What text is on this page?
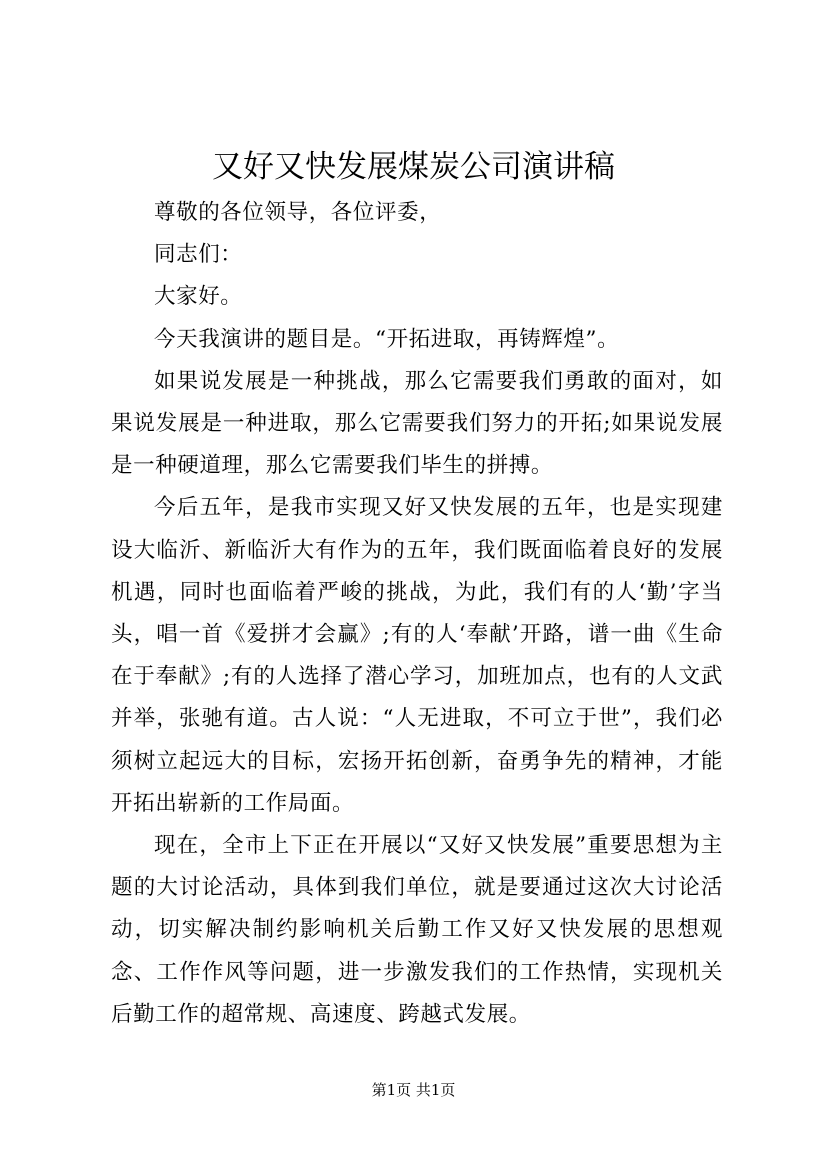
又好又快发展煤炭公司演讲稿

尊敬的各位领导，各位评委，

同志们：

大家好。

今天我演讲的题目是。“开拓进取，再铸辉煌”。

如果说发展是一种挑战，那么它需要我们勇敢的面对，如果说发展是一种进取，那么它需要我们努力的开拓;如果说发展是一种硬道理，那么它需要我们毕生的拼搏。

今后五年，是我市实现又好又快发展的五年，也是实现建设大临沂、新临沂大有作为的五年，我们既面临着良好的发展机遇，同时也面临着严峻的挑战，为此，我们有的人‘勤’字当头，唱一首《爱拼才会赢》;有的人‘奉献’开路，谱一曲《生命在于奉献》;有的人选择了潜心学习，加班加点，也有的人文武并举，张驰有道。古人说：“人无进取，不可立于世”，我们必须树立起远大的目标，宏扬开拓创新，奋勇争先的精神，才能开拓出崭新的工作局面。

现在，全市上下正在开展以“又好又快发展”重要思想为主题的大讨论活动，具体到我们单位，就是要通过这次大讨论活动，切实解决制约影响机关后勤工作又好又快发展的思想观念、工作作风等问题，进一步激发我们的工作热情，实现机关后勤工作的超常规、高速度、跨越式发展。

第1页 共1页
